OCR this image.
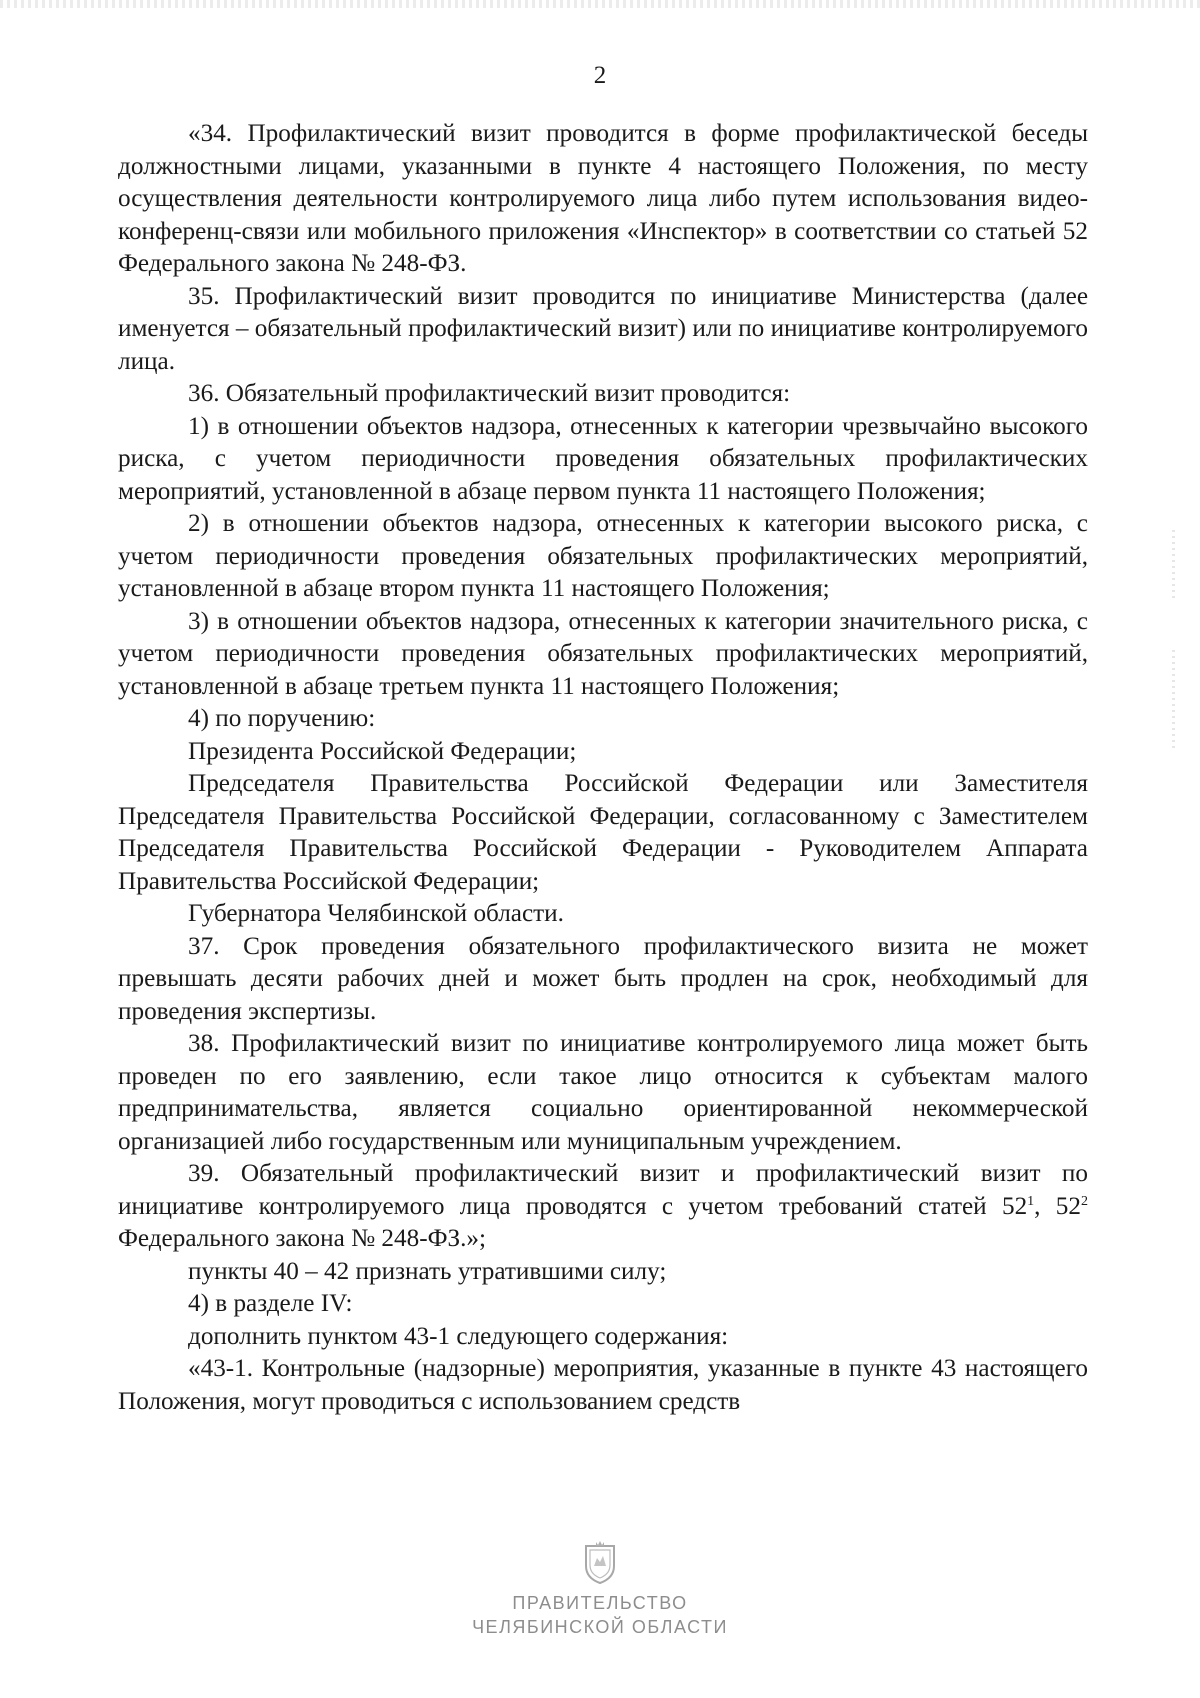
2

«34. Профилактический визит проводится в форме профилактической беседы должностными лицами, указанными в пункте 4 настоящего Положения, по месту осуществления деятельности контролируемого лица либо путем использования видео-конференц-связи или мобильного приложения «Инспектор» в соответствии со статьей 52 Федерального закона № 248-ФЗ.

35. Профилактический визит проводится по инициативе Министерства (далее именуется – обязательный профилактический визит) или по инициативе контролируемого лица.

36. Обязательный профилактический визит проводится:

1) в отношении объектов надзора, отнесенных к категории чрезвычайно высокого риска, с учетом периодичности проведения обязательных профилактических мероприятий, установленной в абзаце первом пункта 11 настоящего Положения;

2) в отношении объектов надзора, отнесенных к категории высокого риска, с учетом периодичности проведения обязательных профилактических мероприятий, установленной в абзаце втором пункта 11 настоящего Положения;

3) в отношении объектов надзора, отнесенных к категории значительного риска, с учетом периодичности проведения обязательных профилактических мероприятий, установленной в абзаце третьем пункта 11 настоящего Положения;

4) по поручению:

Президента Российской Федерации;

Председателя Правительства Российской Федерации или Заместителя Председателя Правительства Российской Федерации, согласованному с Заместителем Председателя Правительства Российской Федерации - Руководителем Аппарата Правительства Российской Федерации;

Губернатора Челябинской области.

37. Срок проведения обязательного профилактического визита не может превышать десяти рабочих дней и может быть продлен на срок, необходимый для проведения экспертизы.

38. Профилактический визит по инициативе контролируемого лица может быть проведен по его заявлению, если такое лицо относится к субъектам малого предпринимательства, является социально ориентированной некоммерческой организацией либо государственным или муниципальным учреждением.

39. Обязательный профилактический визит и профилактический визит по инициативе контролируемого лица проводятся с учетом требований статей $52^1$, $52^2$ Федерального закона № 248-ФЗ.»;

пункты 40 – 42 признать утратившими силу;

4) в разделе IV:

дополнить пунктом 43-1 следующего содержания:

«43-1. Контрольные (надзорные) мероприятия, указанные в пункте 43 настоящего Положения, могут проводиться с использованием средств

ПРАВИТЕЛЬСТВО
ЧЕЛЯБИНСКОЙ ОБЛАСТИ
